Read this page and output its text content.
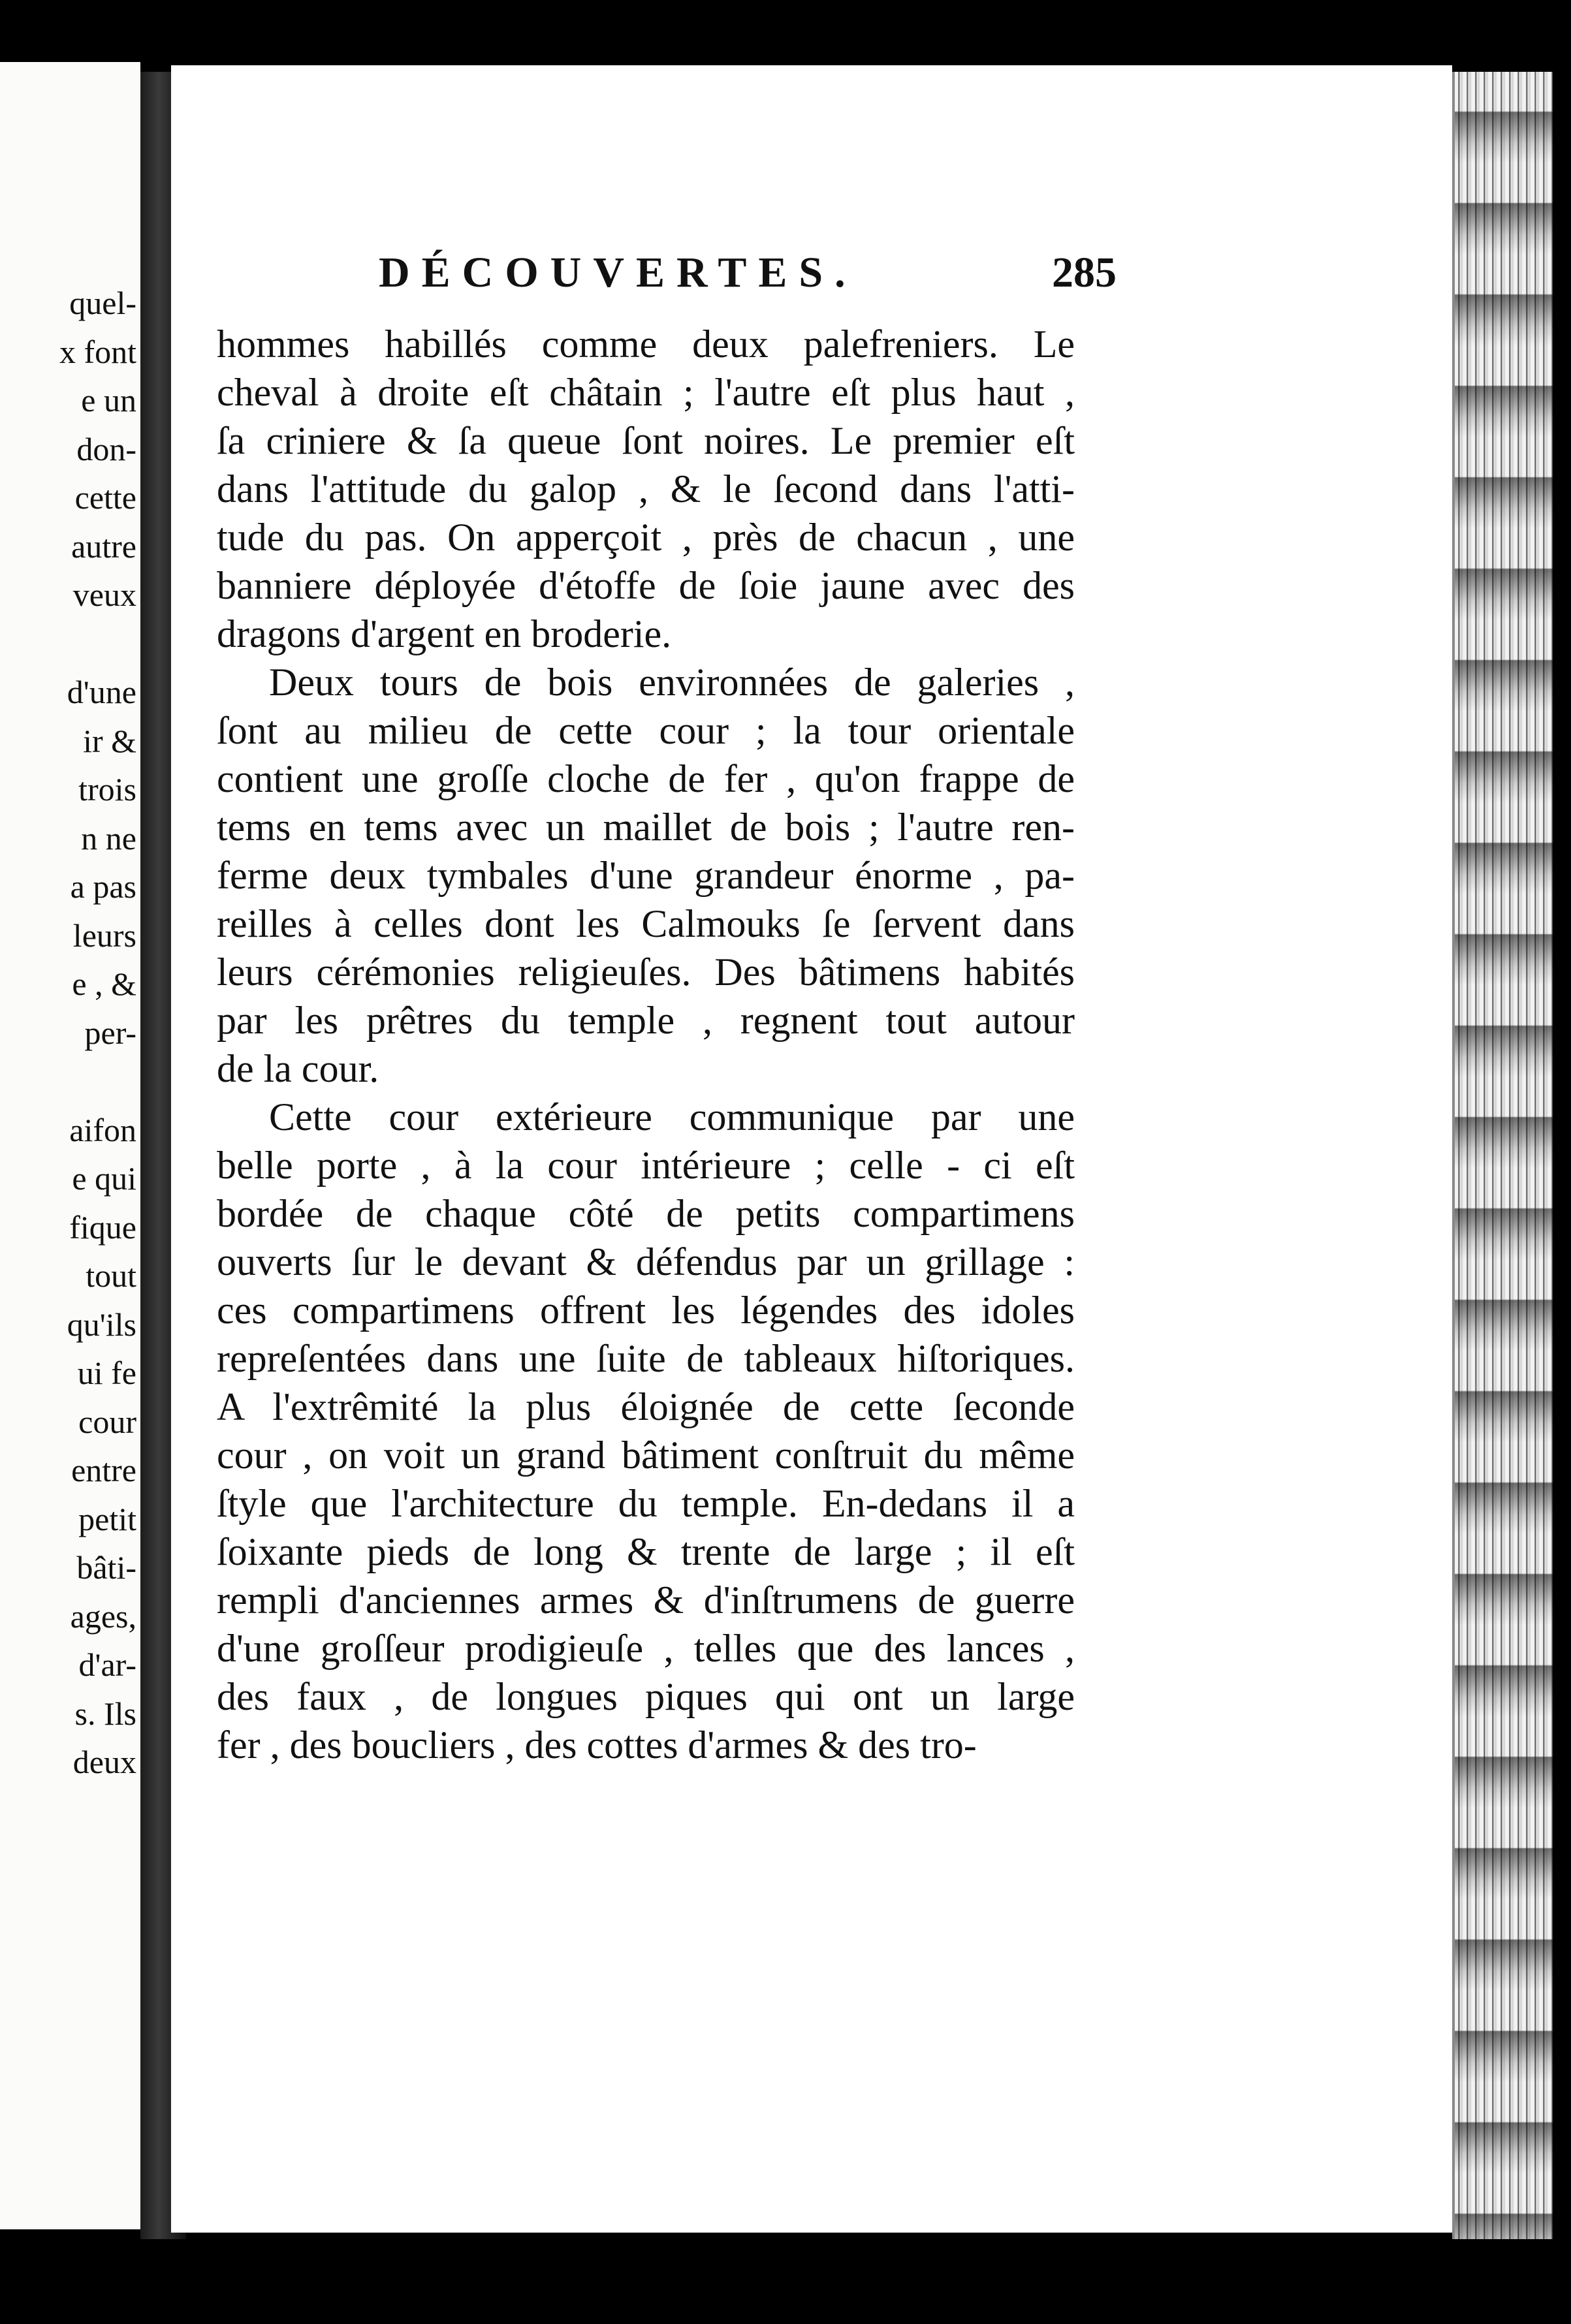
quel-
x font
e un
don-
cette
autre
veux
d'une
ir &
trois
n ne
a pas
leurs
e , &
per-
aifon
e qui
fique
tout
qu'ils
ui fe
cour
entre
petit
bâti-
ages,
d'ar-
s. Ils
deux
DÉCOUVERTES.	285
hommes habillés comme deux palefreniers. Le
cheval à droite eſt châtain ; l'autre eſt plus haut ,
ſa criniere & ſa queue ſont noires. Le premier eſt
dans l'attitude du galop , & le ſecond dans l'atti-
tude du pas. On apperçoit , près de chacun , une
banniere déployée d'étoffe de ſoie jaune avec des
dragons d'argent en broderie.
Deux tours de bois environnées de galeries ,
ſont au milieu de cette cour ; la tour orientale
contient une groſſe cloche de fer , qu'on frappe de
tems en tems avec un maillet de bois ; l'autre ren-
ferme deux tymbales d'une grandeur énorme , pa-
reilles à celles dont les Calmouks ſe ſervent dans
leurs cérémonies religieuſes. Des bâtimens habités
par les prêtres du temple , regnent tout autour
de la cour.
Cette cour extérieure communique par une
belle porte , à la cour intérieure ; celle - ci eſt
bordée de chaque côté de petits compartimens
ouverts ſur le devant & défendus par un grillage :
ces compartimens offrent les légendes des idoles
repreſentées dans une ſuite de tableaux hiſtoriques.
A l'extrêmité la plus éloignée de cette ſeconde
cour , on voit un grand bâtiment conſtruit du même
ſtyle que l'architecture du temple. En-dedans il a
ſoixante pieds de long & trente de large ; il eſt
rempli d'anciennes armes & d'inſtrumens de guerre
d'une groſſeur prodigieuſe , telles que des lances ,
des faux , de longues piques qui ont un large
fer , des boucliers , des cottes d'armes & des tro-
